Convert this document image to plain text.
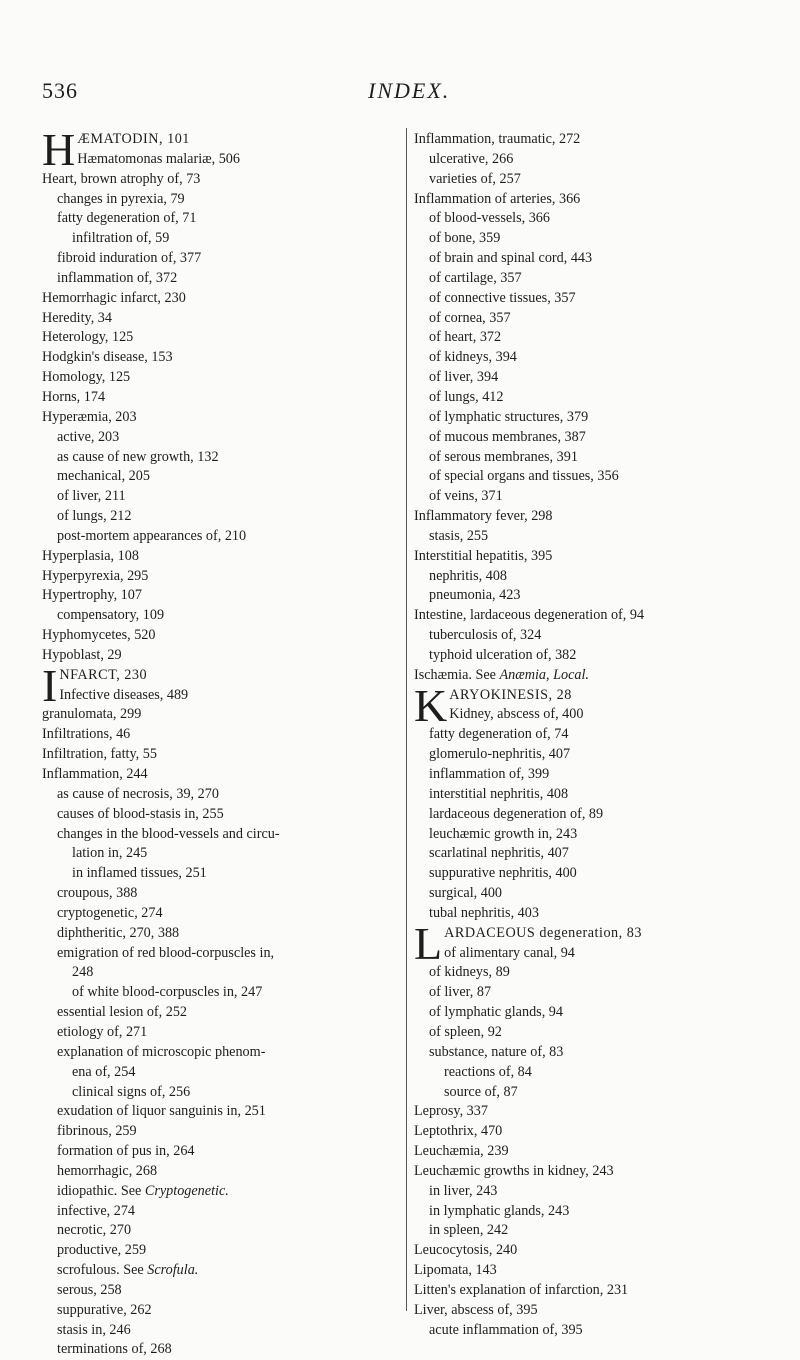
536	INDEX.
H ÆMATODIN, 101
Hæmatomonas malariæ, 506
Heart, brown atrophy of, 73
changes in pyrexia, 79
fatty degeneration of, 71
infiltration of, 59
fibroid induration of, 377
inflammation of, 372
Hemorrhagic infarct, 230
Heredity, 34
Heterology, 125
Hodgkin's disease, 153
Homology, 125
Horns, 174
Hyperæmia, 203
active, 203
as cause of new growth, 132
mechanical, 205
of liver, 211
of lungs, 212
post-mortem appearances of, 210
Hyperplasia, 108
Hyperpyrexia, 295
Hypertrophy, 107
compensatory, 109
Hyphomycetes, 520
Hypoblast, 29
I NFARCT, 230
Infective diseases, 489
granulomata, 299
Infiltrations, 46
Infiltration, fatty, 55
Inflammation, 244
as cause of necrosis, 39, 270
causes of blood-stasis in, 255
changes in the blood-vessels and circu-
lation in, 245
in inflamed tissues, 251
croupous, 388
cryptogenetic, 274
diphtheritic, 270, 388
emigration of red blood-corpuscles in,
248
of white blood-corpuscles in, 247
essential lesion of, 252
etiology of, 271
explanation of microscopic phenom-
ena of, 254
clinical signs of, 256
exudation of liquor sanguinis in, 251
fibrinous, 259
formation of pus in, 264
hemorrhagic, 268
idiopathic. See Cryptogenetic.
infective, 274
necrotic, 270
productive, 259
scrofulous. See Scrofula.
serous, 258
suppurative, 262
stasis in, 246
terminations of, 268
Inflammation, traumatic, 272
ulcerative, 266
varieties of, 257
Inflammation of arteries, 366
of blood-vessels, 366
of bone, 359
of brain and spinal cord, 443
of cartilage, 357
of connective tissues, 357
of cornea, 357
of heart, 372
of kidneys, 394
of liver, 394
of lungs, 412
of lymphatic structures, 379
of mucous membranes, 387
of serous membranes, 391
of special organs and tissues, 356
of veins, 371
Inflammatory fever, 298
stasis, 255
Interstitial hepatitis, 395
nephritis, 408
pneumonia, 423
Intestine, lardaceous degeneration of, 94
tuberculosis of, 324
typhoid ulceration of, 382
Ischæmia. See Anæmia, Local.
K ARYOKINESIS, 28
Kidney, abscess of, 400
fatty degeneration of, 74
glomerulo-nephritis, 407
inflammation of, 399
interstitial nephritis, 408
lardaceous degeneration of, 89
leuchæmic growth in, 243
scarlatinal nephritis, 407
suppurative nephritis, 400
surgical, 400
tubal nephritis, 403
L ARDACEOUS degeneration, 83
of alimentary canal, 94
of kidneys, 89
of liver, 87
of lymphatic glands, 94
of spleen, 92
substance, nature of, 83
reactions of, 84
source of, 87
Leprosy, 337
Leptothrix, 470
Leuchæmia, 239
Leuchæmic growths in kidney, 243
in liver, 243
in lymphatic glands, 243
in spleen, 242
Leucocytosis, 240
Lipomata, 143
Litten's explanation of infarction, 231
Liver, abscess of, 395
acute inflammation of, 395
